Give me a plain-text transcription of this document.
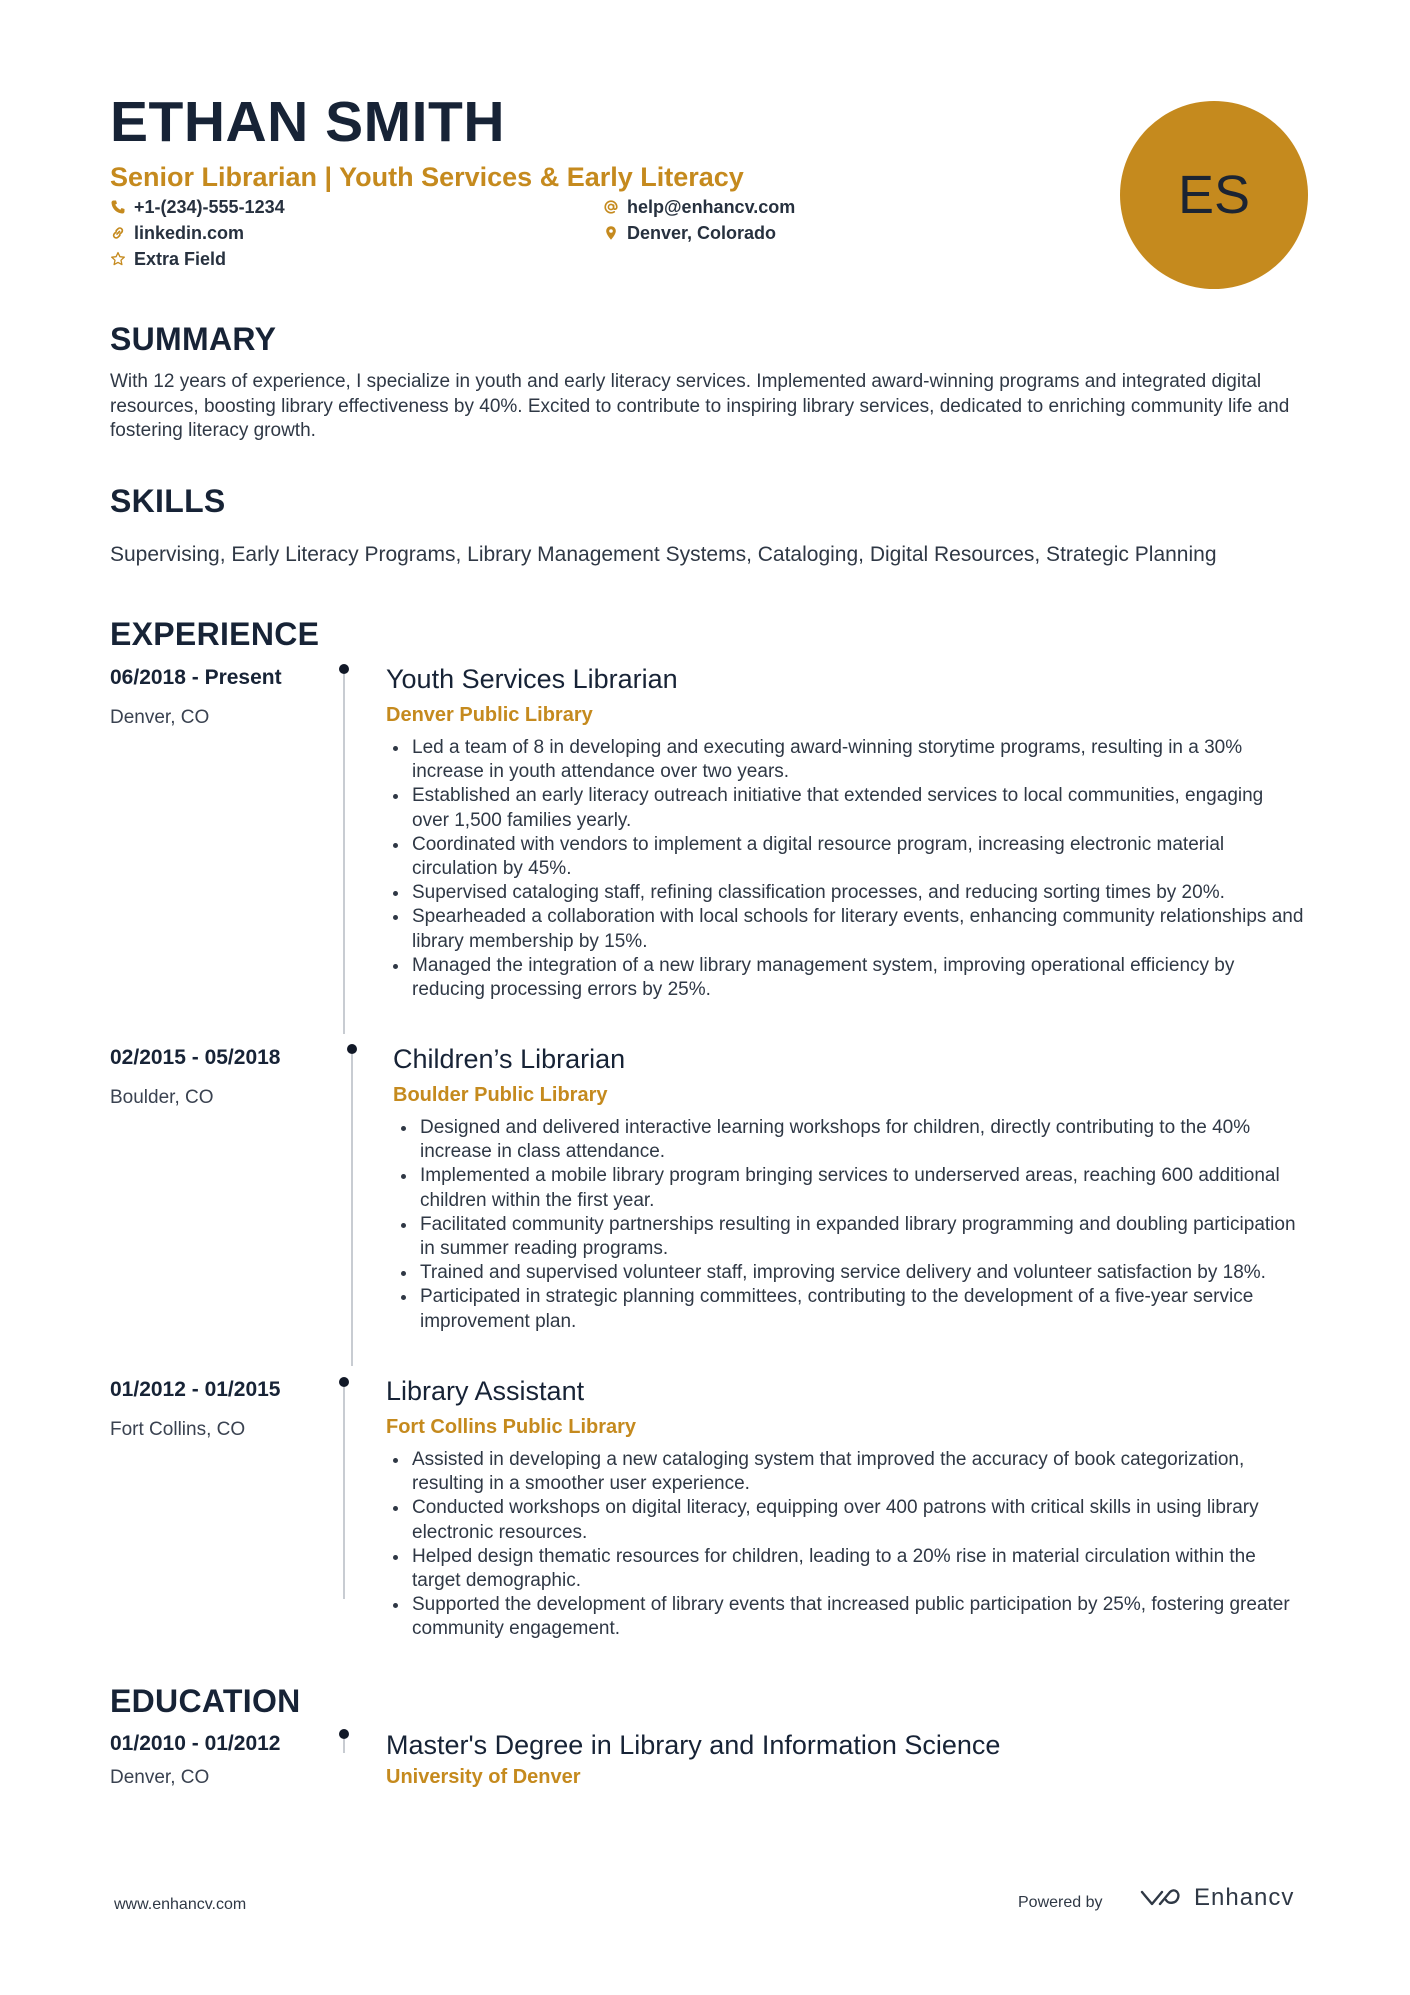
ETHAN SMITH
Senior Librarian | Youth Services & Early Literacy
+1-(234)-555-1234	help@enhancv.com
linkedin.com	Denver, Colorado
Extra Field
ES
SUMMARY
With 12 years of experience, I specialize in youth and early literacy services. Implemented award-winning programs and integrated digital resources, boosting library effectiveness by 40%. Excited to contribute to inspiring library services, dedicated to enriching community life and fostering literacy growth.
SKILLS
Supervising, Early Literacy Programs, Library Management Systems, Cataloging, Digital Resources, Strategic Planning
EXPERIENCE
06/2018 - Present
Denver, CO
Youth Services Librarian
Denver Public Library
Led a team of 8 in developing and executing award-winning storytime programs, resulting in a 30% increase in youth attendance over two years.
Established an early literacy outreach initiative that extended services to local communities, engaging over 1,500 families yearly.
Coordinated with vendors to implement a digital resource program, increasing electronic material circulation by 45%.
Supervised cataloging staff, refining classification processes, and reducing sorting times by 20%.
Spearheaded a collaboration with local schools for literary events, enhancing community relationships and library membership by 15%.
Managed the integration of a new library management system, improving operational efficiency by reducing processing errors by 25%.
02/2015 - 05/2018
Boulder, CO
Children’s Librarian
Boulder Public Library
Designed and delivered interactive learning workshops for children, directly contributing to the 40% increase in class attendance.
Implemented a mobile library program bringing services to underserved areas, reaching 600 additional children within the first year.
Facilitated community partnerships resulting in expanded library programming and doubling participation in summer reading programs.
Trained and supervised volunteer staff, improving service delivery and volunteer satisfaction by 18%.
Participated in strategic planning committees, contributing to the development of a five-year service improvement plan.
01/2012 - 01/2015
Fort Collins, CO
Library Assistant
Fort Collins Public Library
Assisted in developing a new cataloging system that improved the accuracy of book categorization, resulting in a smoother user experience.
Conducted workshops on digital literacy, equipping over 400 patrons with critical skills in using library electronic resources.
Helped design thematic resources for children, leading to a 20% rise in material circulation within the target demographic.
Supported the development of library events that increased public participation by 25%, fostering greater community engagement.
EDUCATION
01/2010 - 01/2012
Denver, CO
Master's Degree in Library and Information Science
University of Denver
www.enhancv.com	Powered by	Enhancv
